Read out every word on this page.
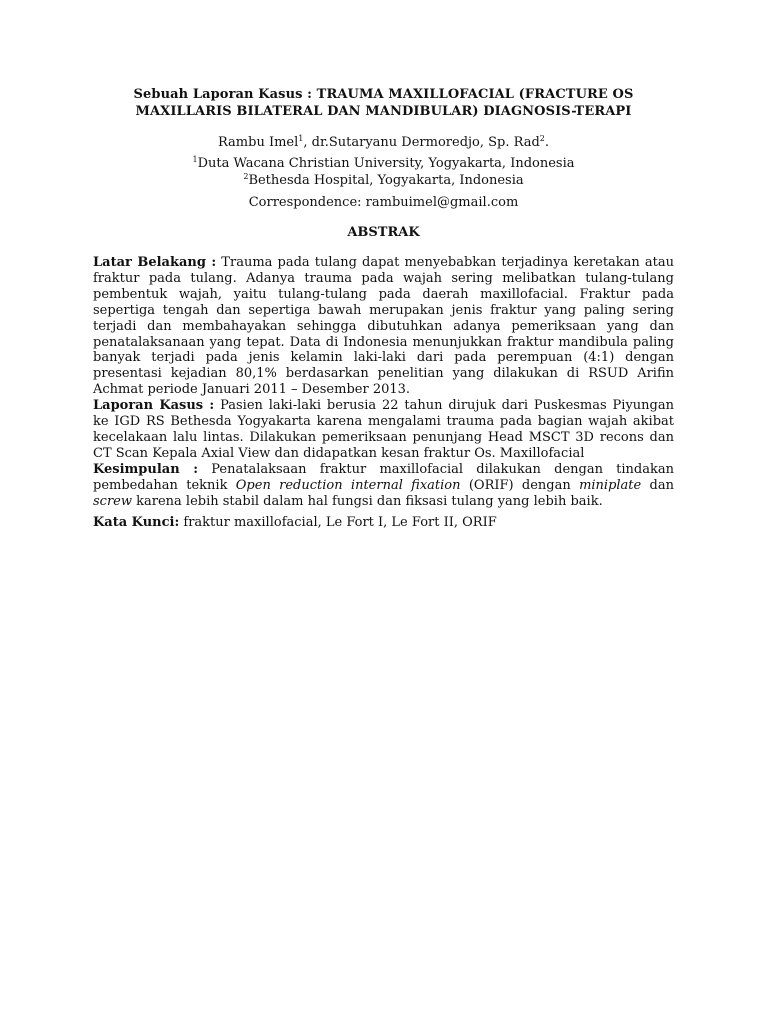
Sebuah Laporan Kasus : TRAUMA MAXILLOFACIAL (FRACTURE OS
MAXILLARIS BILATERAL DAN MANDIBULAR) DIAGNOSIS-TERAPI
Rambu Imel$^1$, dr.Sutaryanu Dermoredjo, Sp. Rad$^2$.
$^1$Duta Wacana Christian University, Yogyakarta, Indonesia
$^2$Bethesda Hospital, Yogyakarta, Indonesia
Correspondence: rambuimel@gmail.com
ABSTRAK

Latar Belakang : Trauma pada tulang dapat menyebabkan terjadinya keretakan atau fraktur pada tulang. Adanya trauma pada wajah sering melibatkan tulang-tulang pembentuk wajah, yaitu tulang-tulang pada daerah maxillofacial. Fraktur pada sepertiga tengah dan sepertiga bawah merupakan jenis fraktur yang paling sering terjadi dan membahayakan sehingga dibutuhkan adanya pemeriksaan yang dan penatalaksanaan yang tepat. Data di Indonesia menunjukkan fraktur mandibula paling banyak terjadi pada jenis kelamin laki-laki dari pada perempuan (4:1) dengan presentasi kejadian 80,1% berdasarkan penelitian yang dilakukan di RSUD Arifin Achmat periode Januari 2011 – Desember 2013.

Laporan Kasus : Pasien laki-laki berusia 22 tahun dirujuk dari Puskesmas Piyungan ke IGD RS Bethesda Yogyakarta karena mengalami trauma pada bagian wajah akibat kecelakaan lalu lintas. Dilakukan pemeriksaan penunjang Head MSCT 3D recons dan CT Scan Kepala Axial View dan didapatkan kesan fraktur Os. Maxillofacial

Kesimpulan : Penatalaksaan fraktur maxillofacial dilakukan dengan tindakan pembedahan teknik Open reduction internal fixation (ORIF) dengan miniplate dan screw karena lebih stabil dalam hal fungsi dan fiksasi tulang yang lebih baik.

Kata Kunci: fraktur maxillofacial, Le Fort I, Le Fort II, ORIF
